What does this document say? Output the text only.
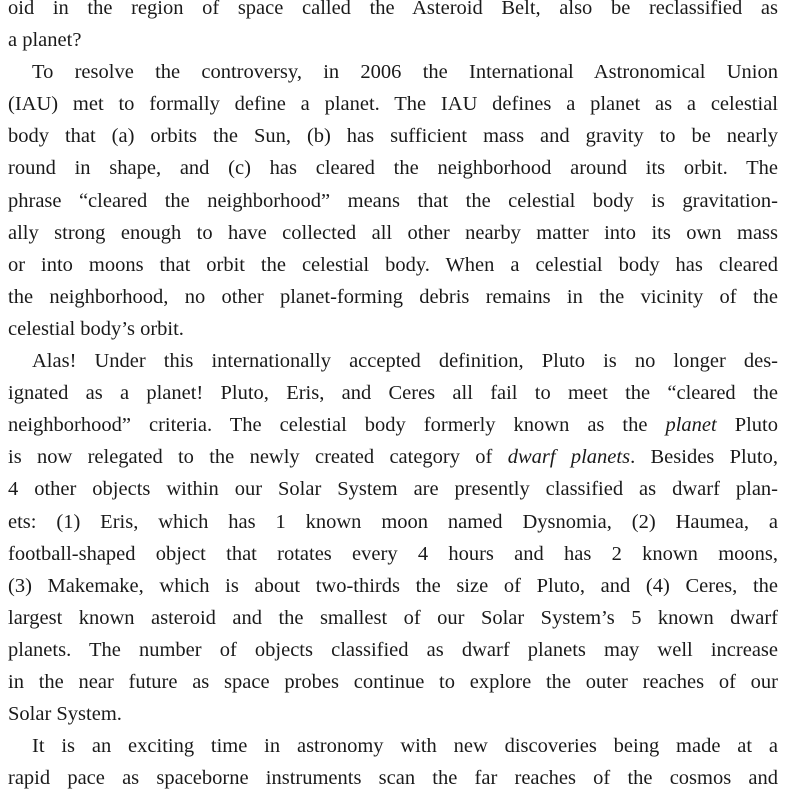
oid in the region of space called the Asteroid Belt, also be reclassified as
a planet?
To resolve the controversy, in 2006 the International Astronomical Union
(IAU) met to formally define a planet. The IAU defines a planet as a celestial
body that (a) orbits the Sun, (b) has sufficient mass and gravity to be nearly
round in shape, and (c) has cleared the neighborhood around its orbit. The
phrase “cleared the neighborhood” means that the celestial body is gravitation-
ally strong enough to have collected all other nearby matter into its own mass
or into moons that orbit the celestial body. When a celestial body has cleared
the neighborhood, no other planet-forming debris remains in the vicinity of the
celestial body’s orbit.
Alas! Under this internationally accepted definition, Pluto is no longer des-
ignated as a planet! Pluto, Eris, and Ceres all fail to meet the “cleared the
neighborhood” criteria. The celestial body formerly known as the planet Pluto
is now relegated to the newly created category of dwarf planets. Besides Pluto,
4 other objects within our Solar System are presently classified as dwarf plan-
ets: (1) Eris, which has 1 known moon named Dysnomia, (2) Haumea, a
football-shaped object that rotates every 4 hours and has 2 known moons,
(3) Makemake, which is about two-thirds the size of Pluto, and (4) Ceres, the
largest known asteroid and the smallest of our Solar System’s 5 known dwarf
planets. The number of objects classified as dwarf planets may well increase
in the near future as space probes continue to explore the outer reaches of our
Solar System.
It is an exciting time in astronomy with new discoveries being made at a
rapid pace as spaceborne instruments scan the far reaches of the cosmos and
